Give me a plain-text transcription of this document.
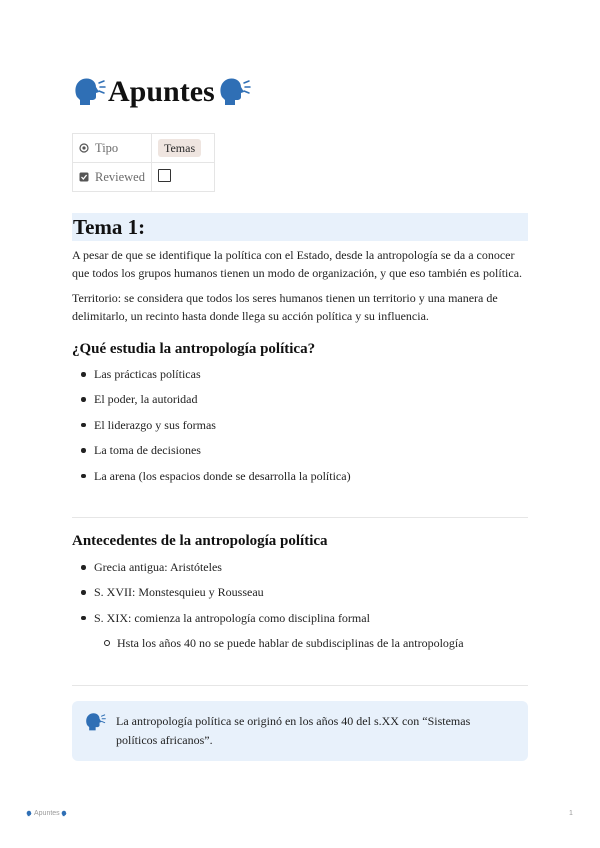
Apuntes
Tipo	Temas

Reviewed	

Tema 1:

A pesar de que se identifique la política con el Estado, desde la antropología se da a conocer que todos los grupos humanos tienen un modo de organización, y que eso también es política.

Territorio: se considera que todos los seres humanos tienen un territorio y una manera de delimitarlo, un recinto hasta donde llega su acción política y su influencia.

¿Qué estudia la antropología política?
Las prácticas políticas
El poder, la autoridad
El liderazgo y sus formas
La toma de decisiones
La arena (los espacios donde se desarrolla la política)
Antecedentes de la antropología política
Grecia antigua: Aristóteles
S. XVII: Monstesquieu y Rousseau
S. XIX: comienza la antropología como disciplina formal
Hsta los años 40 no se puede hablar de subdisciplinas de la antropología
La antropología política se originó en los años 40 del s.XX con “Sistemas políticos africanos”.
Apuntes	1
